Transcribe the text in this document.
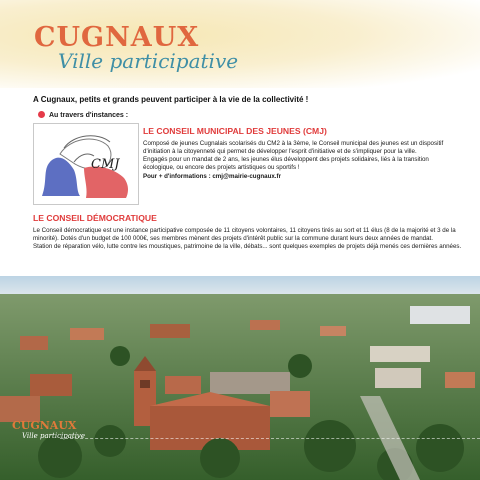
CUGNAUX
Ville participative
A Cugnaux, petits et grands peuvent participer à la vie de la collectivité !
Au travers d'instances :
CMJ
LE CONSEIL MUNICIPAL DES JEUNES (CMJ)

Composé de jeunes Cugnalais scolarisés du CM2 à la 3ème, le Conseil municipal des jeunes est un dispositif d'initiation à la citoyenneté qui permet de développer l'esprit d'initiative et de s'impliquer pour la ville.

Engagés pour un mandat de 2 ans, les jeunes élus développent des projets solidaires, liés à la transition écologique, ou encore des projets artistiques ou sportifs !

Pour + d'informations : cmj@mairie-cugnaux.fr

LE CONSEIL DÉMOCRATIQUE

Le Conseil démocratique est une instance participative composée de 11 citoyens volontaires, 11 citoyens tirés au sort et 11 élus (8 de la majorité et 3 de la minorité). Dotés d'un budget de 100 000€, ses membres mènent des projets d'intérêt public sur la commune durant leurs deux années de mandat.

Station de réparation vélo, lutte contre les moustiques, patrimoine de la ville, débats... sont quelques exemples de projets déjà menés ces dernières années.

CUGNAUX
Ville participative
